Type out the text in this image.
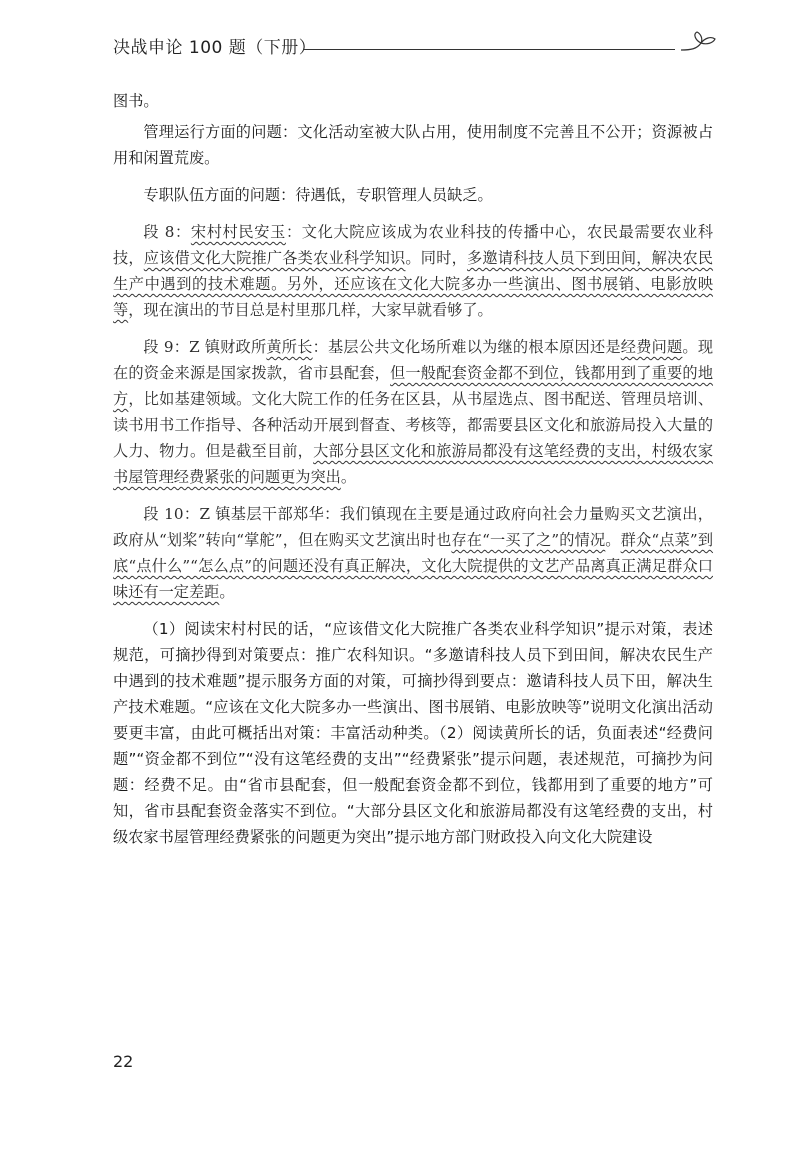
决战申论 100 题（下册）

图书。

管理运行方面的问题：文化活动室被大队占用，使用制度不完善且不公开；资源被占用和闲置荒废。

专职队伍方面的问题：待遇低，专职管理人员缺乏。

段 8：宋村村民安玉：文化大院应该成为农业科技的传播中心，农民最需要农业科技，应该借文化大院推广各类农业科学知识。同时，多邀请科技人员下到田间，解决农民生产中遇到的技术难题。另外，还应该在文化大院多办一些演出、图书展销、电影放映等，现在演出的节目总是村里那几样，大家早就看够了。

段 9：Z 镇财政所黄所长：基层公共文化场所难以为继的根本原因还是经费问题。现在的资金来源是国家拨款，省市县配套，但一般配套资金都不到位，钱都用到了重要的地方，比如基建领域。文化大院工作的任务在区县，从书屋选点、图书配送、管理员培训、读书用书工作指导、各种活动开展到督查、考核等，都需要县区文化和旅游局投入大量的人力、物力。但是截至目前，大部分县区文化和旅游局都没有这笔经费的支出，村级农家书屋管理经费紧张的问题更为突出。

段 10：Z 镇基层干部郑华：我们镇现在主要是通过政府向社会力量购买文艺演出，政府从“划桨”转向“掌舵”，但在购买文艺演出时也存在“一买了之”的情况。群众“点菜”到底“点什么”“怎么点”的问题还没有真正解决，文化大院提供的文艺产品离真正满足群众口味还有一定差距。

（1）阅读宋村村民的话，“应该借文化大院推广各类农业科学知识”提示对策，表述规范，可摘抄得到对策要点：推广农科知识。“多邀请科技人员下到田间，解决农民生产中遇到的技术难题”提示服务方面的对策，可摘抄得到要点：邀请科技人员下田，解决生产技术难题。“应该在文化大院多办一些演出、图书展销、电影放映等”说明文化演出活动要更丰富，由此可概括出对策：丰富活动种类。（2）阅读黄所长的话，负面表述“经费问题”“资金都不到位”“没有这笔经费的支出”“经费紧张”提示问题，表述规范，可摘抄为问题：经费不足。由“省市县配套，但一般配套资金都不到位，钱都用到了重要的地方”可知，省市县配套资金落实不到位。“大部分县区文化和旅游局都没有这笔经费的支出，村级农家书屋管理经费紧张的问题更为突出”提示地方部门财政投入向文化大院建设

22
